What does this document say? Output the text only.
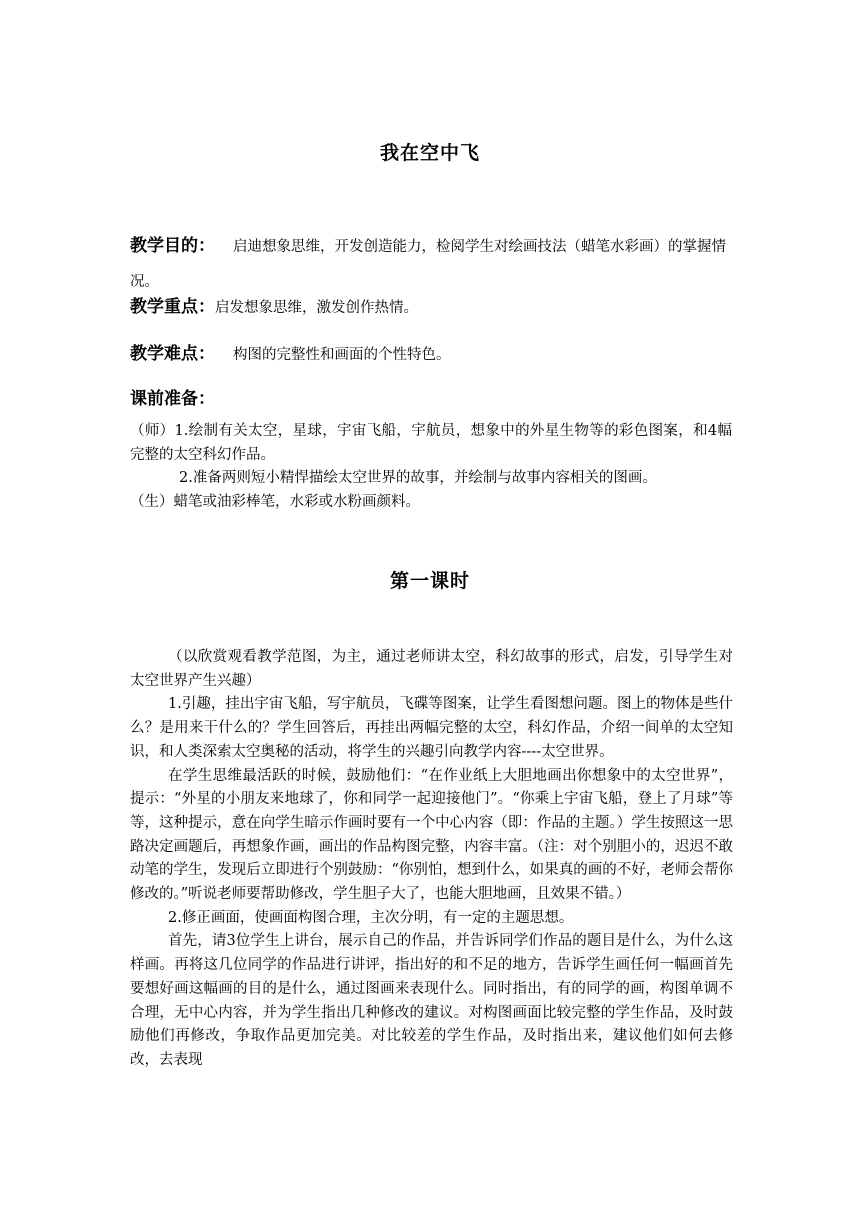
我在空中飞
教学目的： 启迪想象思维，开发创造能力，检阅学生对绘画技法（蜡笔水彩画）的掌握情况。
教学重点：启发想象思维，激发创作热情。
教学难点： 构图的完整性和画面的个性特色。
课前准备：

（师）1.绘制有关太空，星球，宇宙飞船，宇航员，想象中的外星生物等的彩色图案，和4幅完整的太空科幻作品。

2.准备两则短小精悍描绘太空世界的故事，并绘制与故事内容相关的图画。

（生）蜡笔或油彩棒笔，水彩或水粉画颜料。

第一课时

（以欣赏观看教学范图，为主，通过老师讲太空，科幻故事的形式，启发，引导学生对太空世界产生兴趣）

1.引趣，挂出宇宙飞船，写宇航员，飞碟等图案，让学生看图想问题。图上的物体是些什么？是用来干什么的？学生回答后，再挂出两幅完整的太空，科幻作品，介绍一间单的太空知识，和人类深索太空奥秘的活动，将学生的兴趣引向教学内容----太空世界。

在学生思维最活跃的时候，鼓励他们：“在作业纸上大胆地画出你想象中的太空世界”，提示：“外星的小朋友来地球了，你和同学一起迎接他门”。“你乘上宇宙飞船，登上了月球”等等，这种提示，意在向学生暗示作画时要有一个中心内容（即：作品的主题。）学生按照这一思路决定画题后，再想象作画，画出的作品构图完整，内容丰富。（注：对个别胆小的，迟迟不敢动笔的学生，发现后立即进行个别鼓励：“你别怕，想到什么，如果真的画的不好，老师会帮你修改的。”听说老师要帮助修改，学生胆子大了，也能大胆地画，且效果不错。）

2.修正画面，使画面构图合理，主次分明，有一定的主题思想。

首先，请3位学生上讲台，展示自己的作品，并告诉同学们作品的题目是什么，为什么这样画。再将这几位同学的作品进行讲评，指出好的和不足的地方，告诉学生画任何一幅画首先要想好画这幅画的目的是什么，通过图画来表现什么。同时指出，有的同学的画，构图单调不合理，无中心内容，并为学生指出几种修改的建议。对构图画面比较完整的学生作品，及时鼓励他们再修改，争取作品更加完美。对比较差的学生作品，及时指出来，建议他们如何去修改，去表现
